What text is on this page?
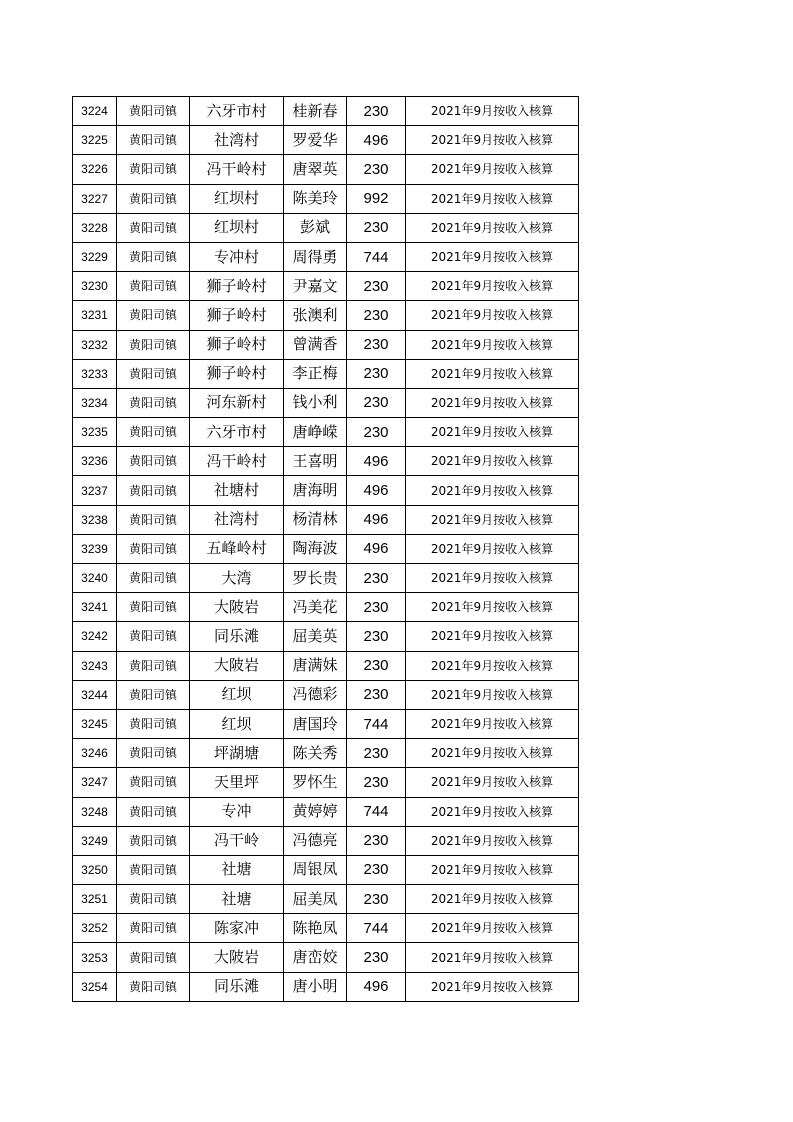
3224	黄阳司镇	六牙市村	桂新春	230	2021年9月按收入核算
3225	黄阳司镇	社湾村	罗爱华	496	2021年9月按收入核算
3226	黄阳司镇	冯干岭村	唐翠英	230	2021年9月按收入核算
3227	黄阳司镇	红坝村	陈美玲	992	2021年9月按收入核算
3228	黄阳司镇	红坝村	彭斌	230	2021年9月按收入核算
3229	黄阳司镇	专冲村	周得勇	744	2021年9月按收入核算
3230	黄阳司镇	狮子岭村	尹嘉文	230	2021年9月按收入核算
3231	黄阳司镇	狮子岭村	张澳利	230	2021年9月按收入核算
3232	黄阳司镇	狮子岭村	曾满香	230	2021年9月按收入核算
3233	黄阳司镇	狮子岭村	李正梅	230	2021年9月按收入核算
3234	黄阳司镇	河东新村	钱小利	230	2021年9月按收入核算
3235	黄阳司镇	六牙市村	唐峥嵘	230	2021年9月按收入核算
3236	黄阳司镇	冯干岭村	王喜明	496	2021年9月按收入核算
3237	黄阳司镇	社塘村	唐海明	496	2021年9月按收入核算
3238	黄阳司镇	社湾村	杨清林	496	2021年9月按收入核算
3239	黄阳司镇	五峰岭村	陶海波	496	2021年9月按收入核算
3240	黄阳司镇	大湾	罗长贵	230	2021年9月按收入核算
3241	黄阳司镇	大陂岩	冯美花	230	2021年9月按收入核算
3242	黄阳司镇	同乐滩	屈美英	230	2021年9月按收入核算
3243	黄阳司镇	大陂岩	唐满妹	230	2021年9月按收入核算
3244	黄阳司镇	红坝	冯德彩	230	2021年9月按收入核算
3245	黄阳司镇	红坝	唐国玲	744	2021年9月按收入核算
3246	黄阳司镇	坪湖塘	陈关秀	230	2021年9月按收入核算
3247	黄阳司镇	天里坪	罗怀生	230	2021年9月按收入核算
3248	黄阳司镇	专冲	黄婷婷	744	2021年9月按收入核算
3249	黄阳司镇	冯干岭	冯德亮	230	2021年9月按收入核算
3250	黄阳司镇	社塘	周银凤	230	2021年9月按收入核算
3251	黄阳司镇	社塘	屈美凤	230	2021年9月按收入核算
3252	黄阳司镇	陈家冲	陈艳凤	744	2021年9月按收入核算
3253	黄阳司镇	大陂岩	唐峦姣	230	2021年9月按收入核算
3254	黄阳司镇	同乐滩	唐小明	496	2021年9月按收入核算
